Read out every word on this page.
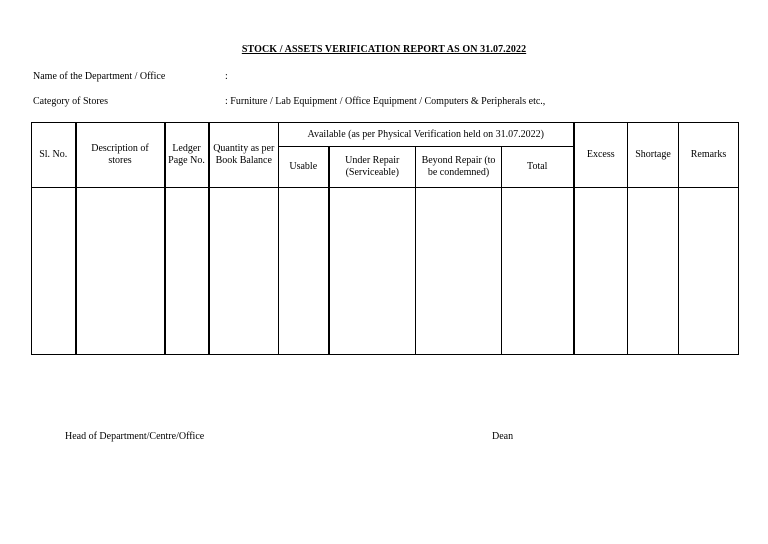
STOCK / ASSETS VERIFICATION REPORT AS ON 31.07.2022
Name of the Department / Office	:
Category of Stores	: Furniture / Lab Equipment / Office Equipment / Computers & Peripherals etc.,
Sl. No.	Description of stores	Ledger Page No.	Quantity as per Book Balance	Available (as per Physical Verification held on 31.07.2022)				Excess	Shortage	Remarks
				Usable	Under Repair (Serviceable)	Beyond Repair (to be condemned)	Total			

Head of Department/Centre/Office	Dean
